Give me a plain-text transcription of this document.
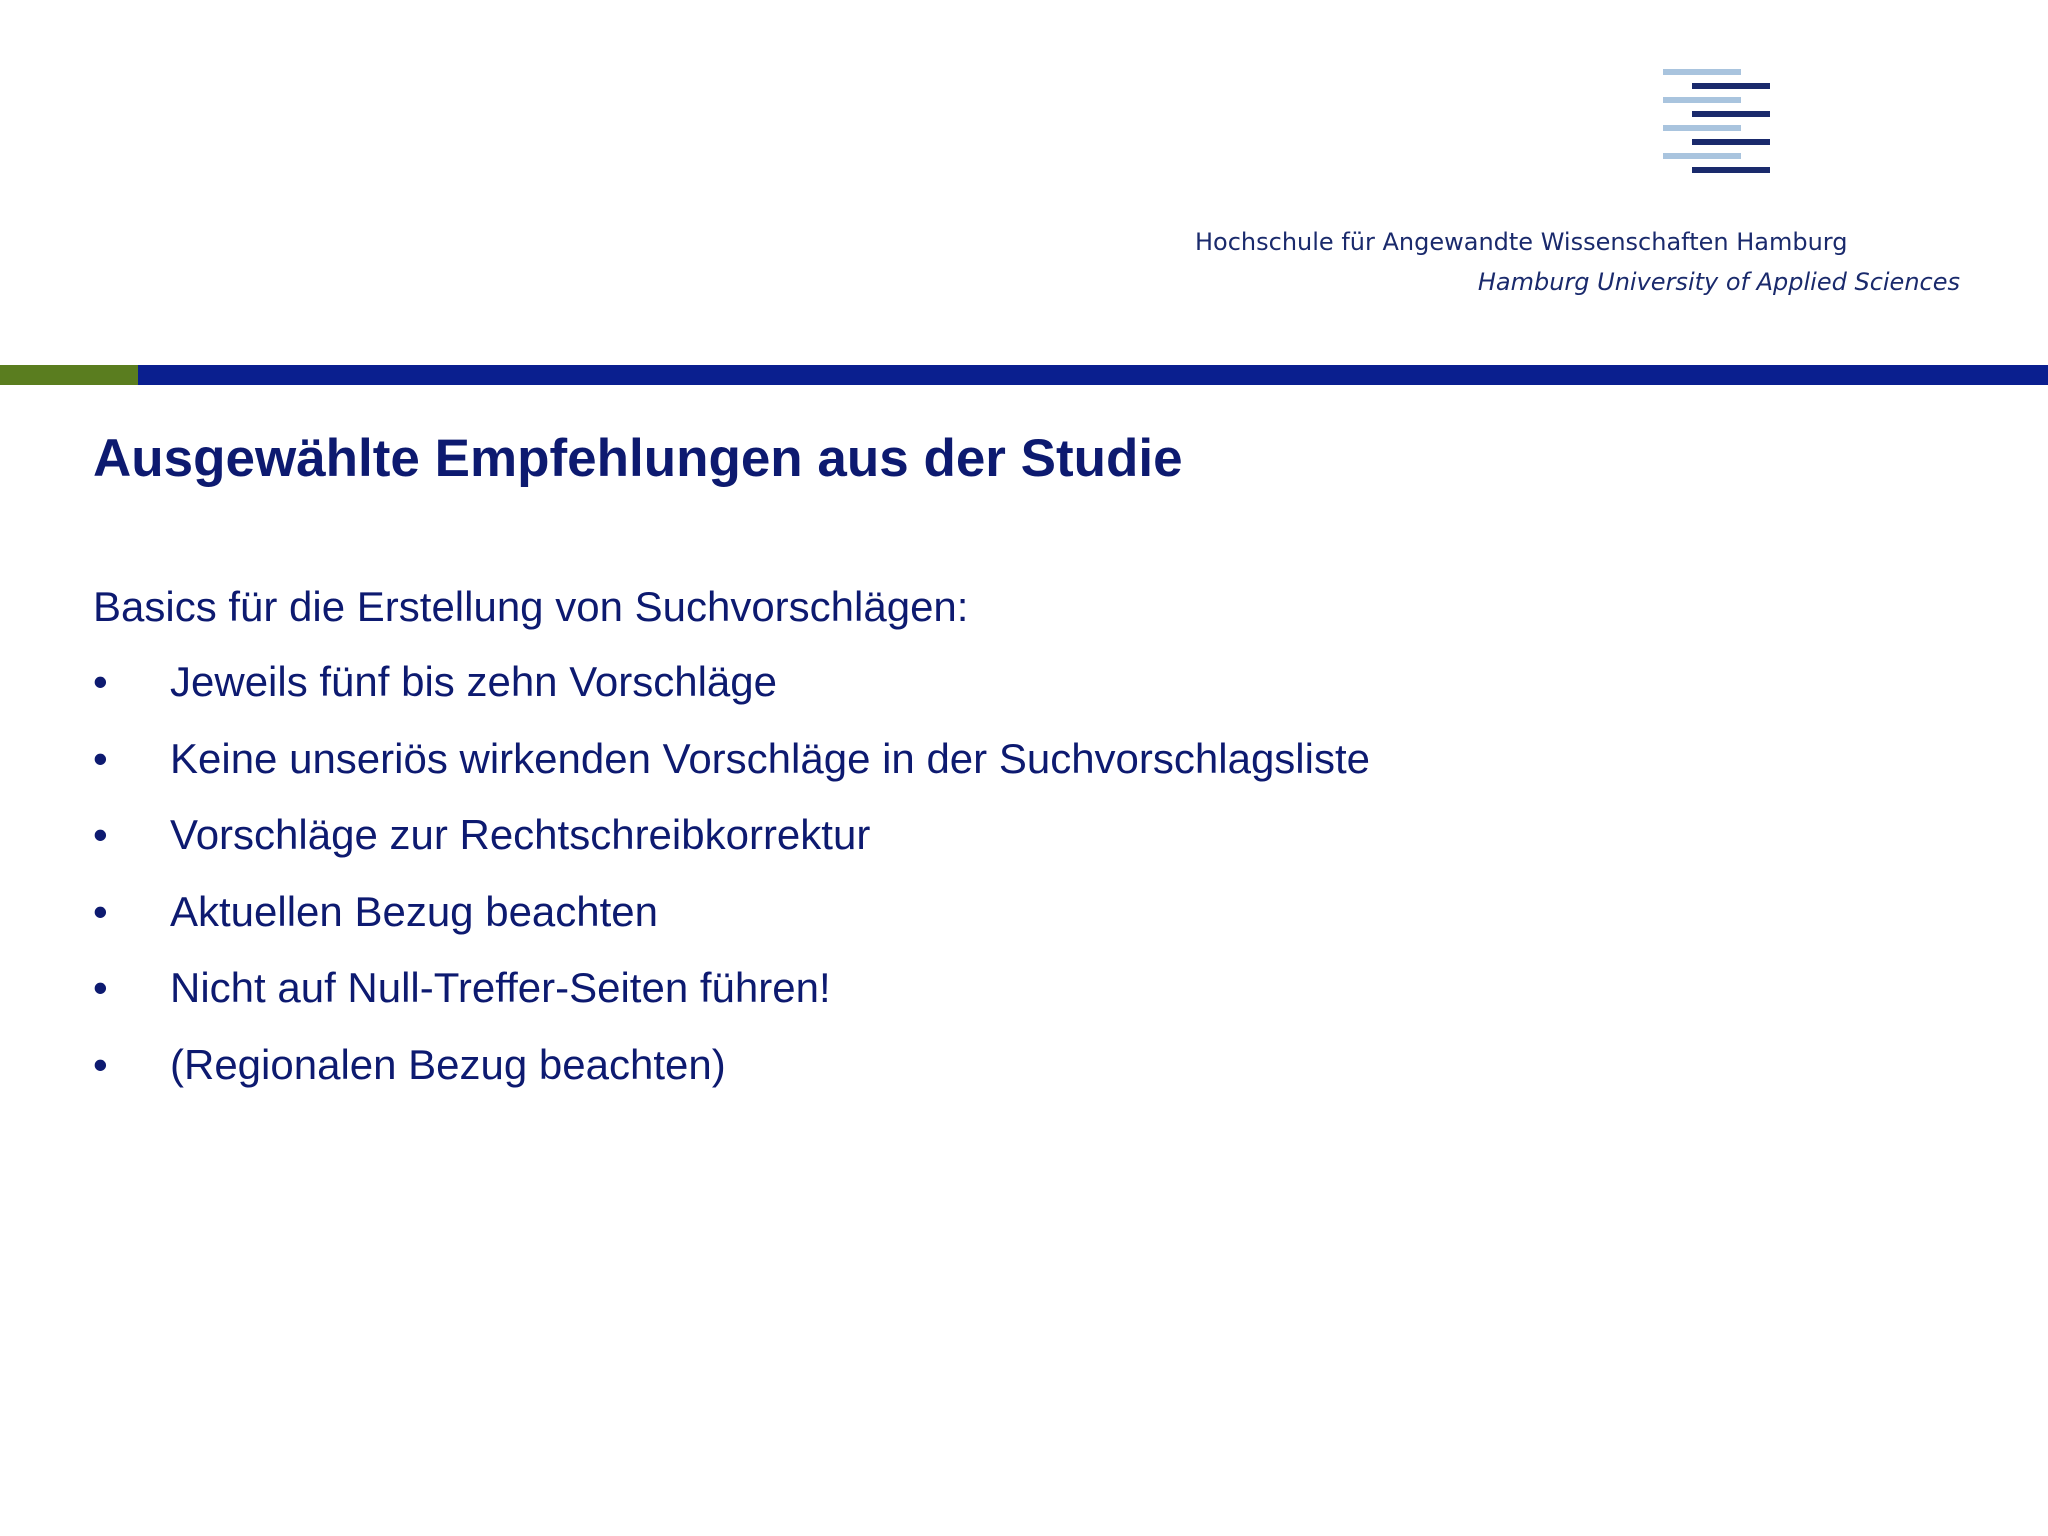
Hochschule für Angewandte Wissenschaften Hamburg
Hamburg University of Applied Sciences
Ausgewählte Empfehlungen aus der Studie
Basics für die Erstellung von Suchvorschlägen:
• Jeweils fünf bis zehn Vorschläge
• Keine unseriös wirkenden Vorschläge in der Suchvorschlagsliste
• Vorschläge zur Rechtschreibkorrektur
• Aktuellen Bezug beachten
• Nicht auf Null-Treffer-Seiten führen!
• (Regionalen Bezug beachten)
